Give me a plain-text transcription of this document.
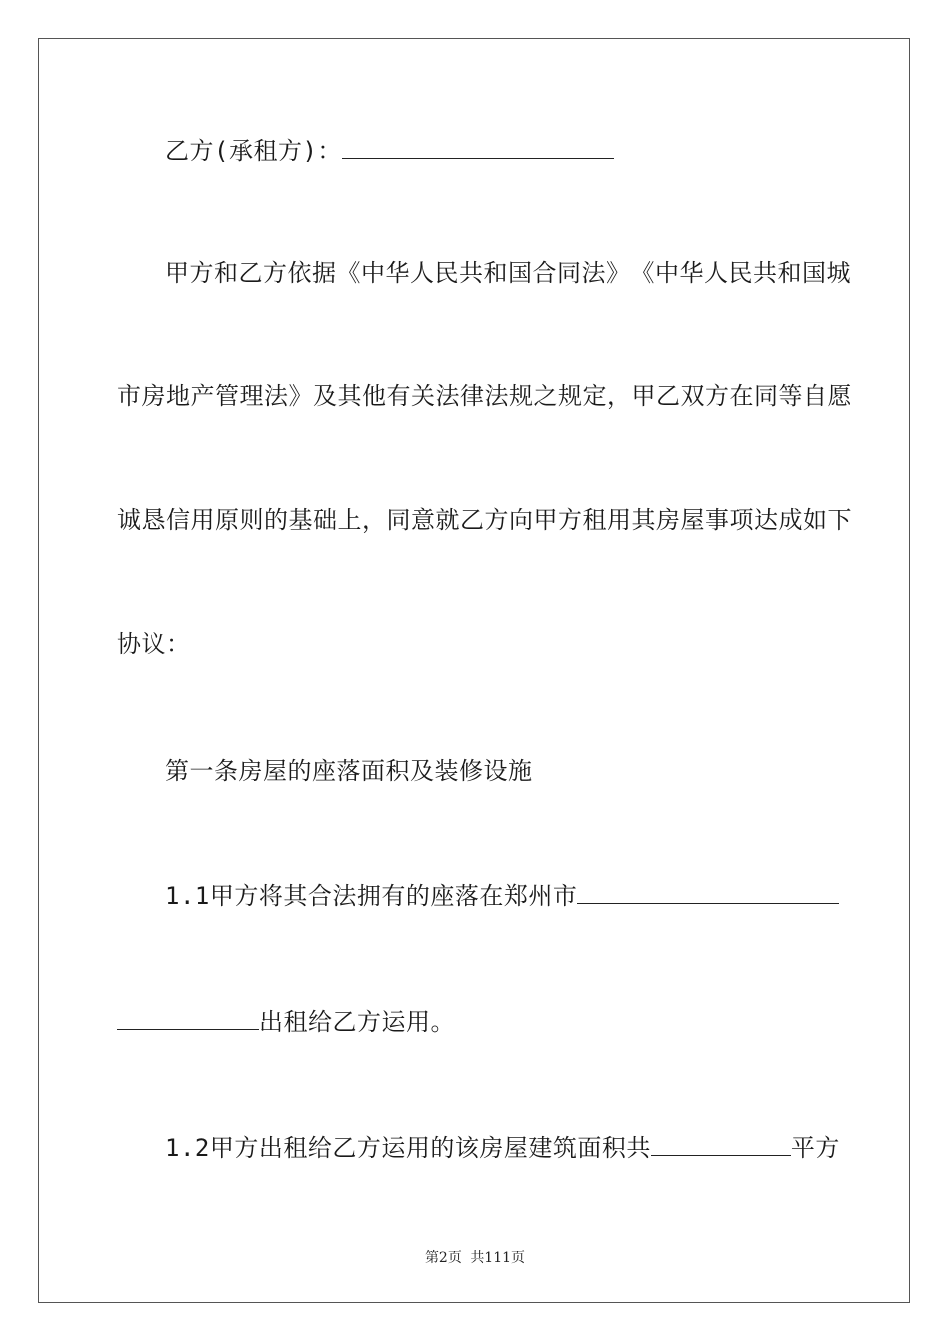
乙方(承租方)：
甲 方 和 乙 方 依 据 《 中 华 人 民 共 和 国 合 同 法 》 《 中 华 人 民 共 和 国 城
市 房 地 产 管 理 法 》 及 其 他 有 关 法 律 法 规 之 规 定 ， 甲 乙 双 方 在 同 等 自 愿
诚 恳 信 用 原 则 的 基 础 上 ， 同 意 就 乙 方 向 甲 方 租 用 其 房 屋 事 项 达 成 如 下
协议：
第一条房屋的座落面积及装修设施
1.1甲方将其合法拥有的座落在郑州市
出租给乙方运用。
1.2甲方出租给乙方运用的该房屋建筑面积共	平方
第2页 共111页
